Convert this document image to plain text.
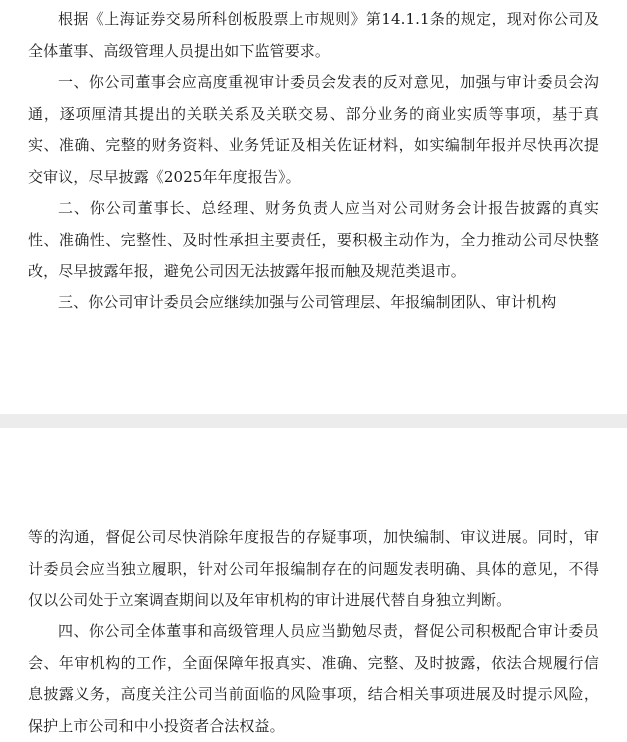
根据《上海证券交易所科创板股票上市规则》第14.1.1条的规定，现对你公司及全体董事、高级管理人员提出如下监管要求。

一、你公司董事会应高度重视审计委员会发表的反对意见，加强与审计委员会沟通，逐项厘清其提出的关联关系及关联交易、部分业务的商业实质等事项，基于真实、准确、完整的财务资料、业务凭证及相关佐证材料，如实编制年报并尽快再次提交审议，尽早披露《2025年年度报告》。

二、你公司董事长、总经理、财务负责人应当对公司财务会计报告披露的真实性、准确性、完整性、及时性承担主要责任，要积极主动作为，全力推动公司尽快整改，尽早披露年报，避免公司因无法披露年报而触及规范类退市。

三、你公司审计委员会应继续加强与公司管理层、年报编制团队、审计机构

等的沟通，督促公司尽快消除年度报告的存疑事项，加快编制、审议进展。同时，审计委员会应当独立履职，针对公司年报编制存在的问题发表明确、具体的意见，不得仅以公司处于立案调查期间以及年审机构的审计进展代替自身独立判断。

四、你公司全体董事和高级管理人员应当勤勉尽责，督促公司积极配合审计委员会、年审机构的工作，全面保障年报真实、准确、完整、及时披露，依法合规履行信息披露义务，高度关注公司当前面临的风险事项，结合相关事项进展及时提示风险，保护上市公司和中小投资者合法权益。
